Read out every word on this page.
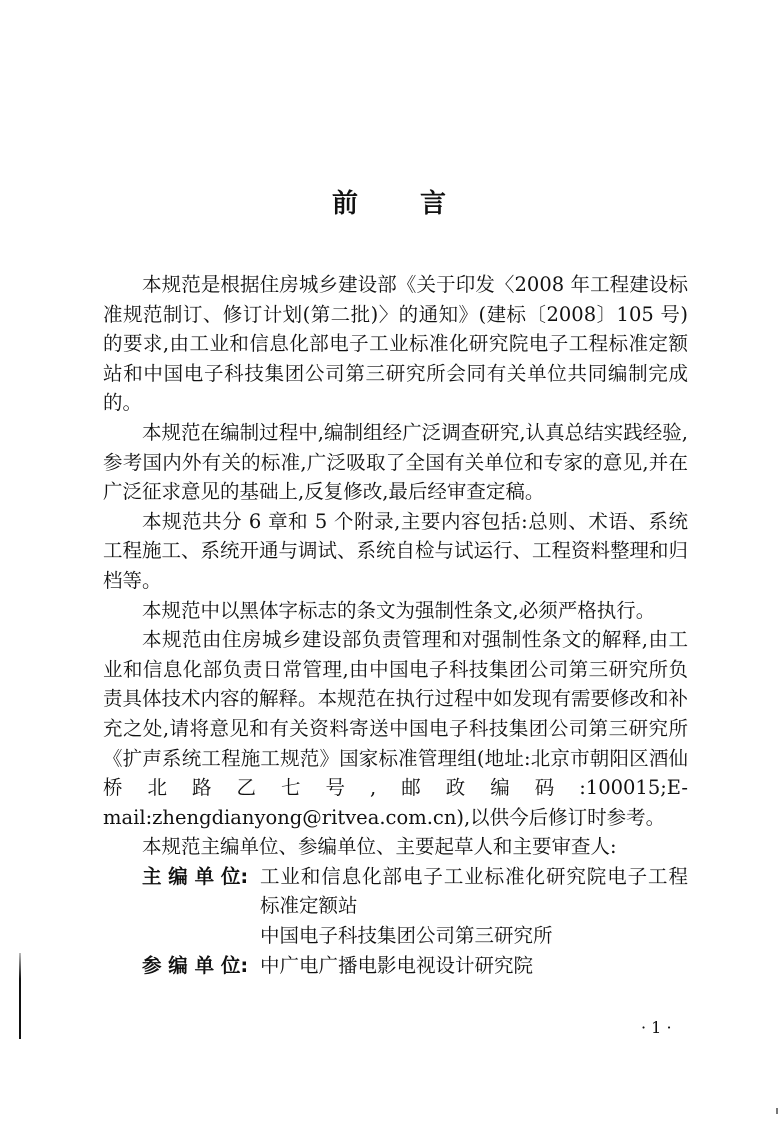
前 言

本规范是根据住房城乡建设部《关于印发〈2008 年工程建设标准规范制订、修订计划(第二批)〉的通知》(建标〔2008〕105 号)的要求,由工业和信息化部电子工业标准化研究院电子工程标准定额站和中国电子科技集团公司第三研究所会同有关单位共同编制完成的。

本规范在编制过程中,编制组经广泛调查研究,认真总结实践经验,参考国内外有关的标准,广泛吸取了全国有关单位和专家的意见,并在广泛征求意见的基础上,反复修改,最后经审查定稿。

本规范共分 6 章和 5 个附录,主要内容包括:总则、术语、系统工程施工、系统开通与调试、系统自检与试运行、工程资料整理和归档等。

本规范中以黑体字标志的条文为强制性条文,必须严格执行。

本规范由住房城乡建设部负责管理和对强制性条文的解释,由工业和信息化部负责日常管理,由中国电子科技集团公司第三研究所负责具体技术内容的解释。本规范在执行过程中如发现有需要修改和补充之处,请将意见和有关资料寄送中国电子科技集团公司第三研究所《扩声系统工程施工规范》国家标准管理组(地址:北京市朝阳区酒仙桥北路乙七号,邮政编码:100015;E-mail:zhengdianyong@ritvea.com.cn),以供今后修订时参考。

本规范主编单位、参编单位、主要起草人和主要审查人:

主 编 单 位: 工业和信息化部电子工业标准化研究院电子工程标准定额站
中国电子科技集团公司第三研究所
参 编 单 位: 中广电广播电影电视设计研究院
· 1 ·
